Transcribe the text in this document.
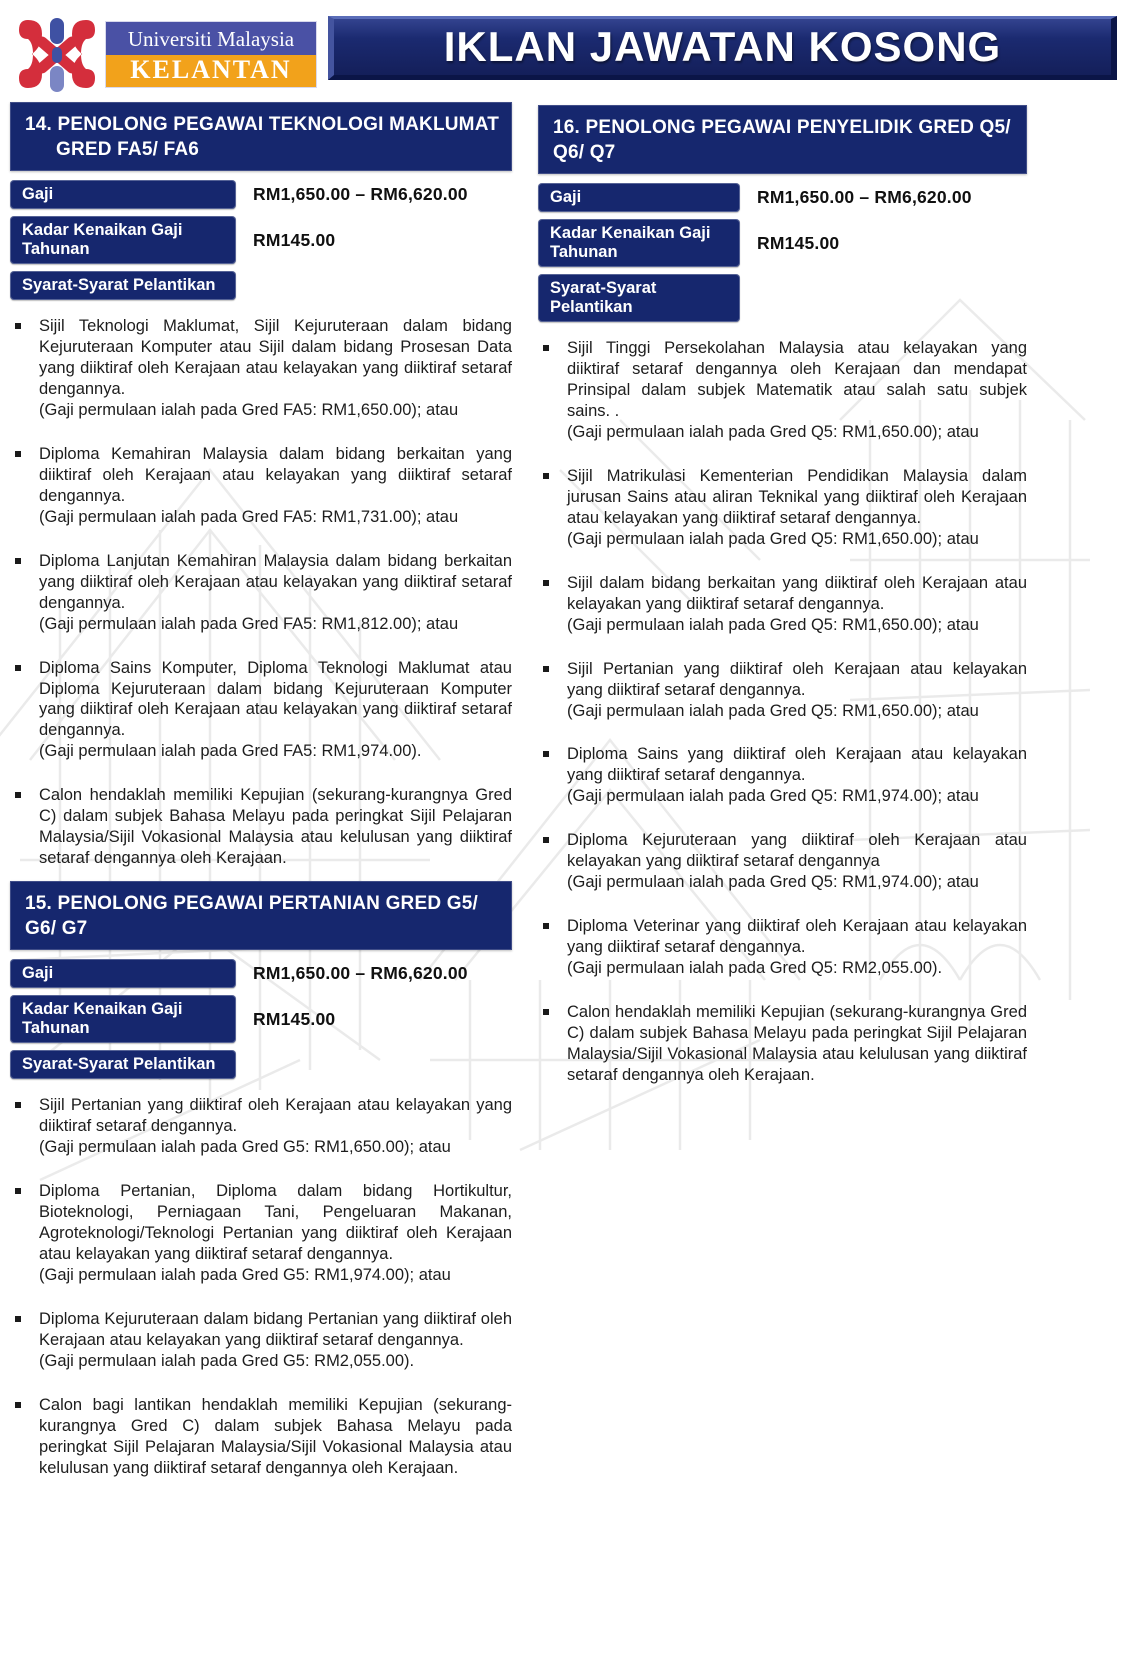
Universiti Malaysia
KELANTAN	IKLAN JAWATAN KOSONG
14. PENOLONG PEGAWAI TEKNOLOGI MAKLUMAT
GRED FA5/ FA6
Gaji	RM1,650.00 – RM6,620.00
Kadar Kenaikan Gaji Tahunan	RM145.00
Syarat-Syarat Pelantikan
Sijil Teknologi Maklumat, Sijil Kejuruteraan dalam bidang Kejuruteraan Komputer atau Sijil dalam bidang Prosesan Data yang diiktiraf oleh Kerajaan atau kelayakan yang diiktiraf setaraf dengannya.
(Gaji permulaan ialah pada Gred FA5: RM1,650.00); atau
Diploma Kemahiran Malaysia dalam bidang berkaitan yang diiktiraf oleh Kerajaan atau kelayakan yang diiktiraf setaraf dengannya.
(Gaji permulaan ialah pada Gred FA5: RM1,731.00); atau
Diploma Lanjutan Kemahiran Malaysia dalam bidang berkaitan yang diiktiraf oleh Kerajaan atau kelayakan yang diiktiraf setaraf dengannya.
(Gaji permulaan ialah pada Gred FA5: RM1,812.00); atau
Diploma Sains Komputer, Diploma Teknologi Maklumat atau Diploma Kejuruteraan dalam bidang Kejuruteraan Komputer yang diiktiraf oleh Kerajaan atau kelayakan yang diiktiraf setaraf dengannya.
(Gaji permulaan ialah pada Gred FA5: RM1,974.00).
Calon hendaklah memiliki Kepujian (sekurang-kurangnya Gred C) dalam subjek Bahasa Melayu pada peringkat Sijil Pelajaran Malaysia/Sijil Vokasional Malaysia atau kelulusan yang diiktiraf setaraf dengannya oleh Kerajaan.
15. PENOLONG PEGAWAI PERTANIAN GRED G5/ G6/ G7
Gaji	RM1,650.00 – RM6,620.00
Kadar Kenaikan Gaji Tahunan	RM145.00
Syarat-Syarat Pelantikan
Sijil Pertanian yang diiktiraf oleh Kerajaan atau kelayakan yang diiktiraf setaraf dengannya.
(Gaji permulaan ialah pada Gred G5: RM1,650.00); atau
Diploma Pertanian, Diploma dalam bidang Hortikultur, Bioteknologi, Perniagaan Tani, Pengeluaran Makanan, Agroteknologi/Teknologi Pertanian yang diiktiraf oleh Kerajaan atau kelayakan yang diiktiraf setaraf dengannya.
(Gaji permulaan ialah pada Gred G5: RM1,974.00); atau
Diploma Kejuruteraan dalam bidang Pertanian yang diiktiraf oleh Kerajaan atau kelayakan yang diiktiraf setaraf dengannya.
(Gaji permulaan ialah pada Gred G5: RM2,055.00).
Calon bagi lantikan hendaklah memiliki Kepujian (sekurang-kurangnya Gred C) dalam subjek Bahasa Melayu pada peringkat Sijil Pelajaran Malaysia/Sijil Vokasional Malaysia atau kelulusan yang diiktiraf setaraf dengannya oleh Kerajaan.
16. PENOLONG PEGAWAI PENYELIDIK GRED Q5/ Q6/ Q7
Gaji	RM1,650.00 – RM6,620.00
Kadar Kenaikan Gaji Tahunan	RM145.00
Syarat-Syarat Pelantikan
Sijil Tinggi Persekolahan Malaysia atau kelayakan yang diiktiraf setaraf dengannya oleh Kerajaan dan mendapat Prinsipal dalam subjek Matematik atau salah satu subjek sains. .
(Gaji permulaan ialah pada Gred Q5: RM1,650.00); atau
Sijil Matrikulasi Kementerian Pendidikan Malaysia dalam jurusan Sains atau aliran Teknikal yang diiktiraf oleh Kerajaan atau kelayakan yang diiktiraf setaraf dengannya.
(Gaji permulaan ialah pada Gred Q5: RM1,650.00); atau
Sijil dalam bidang berkaitan yang diiktiraf oleh Kerajaan atau kelayakan yang diiktiraf setaraf dengannya.
(Gaji permulaan ialah pada Gred Q5: RM1,650.00); atau
Sijil Pertanian yang diiktiraf oleh Kerajaan atau kelayakan yang diiktiraf setaraf dengannya.
(Gaji permulaan ialah pada Gred Q5: RM1,650.00); atau
Diploma Sains yang diiktiraf oleh Kerajaan atau kelayakan yang diiktiraf setaraf dengannya.
(Gaji permulaan ialah pada Gred Q5: RM1,974.00); atau
Diploma Kejuruteraan yang diiktiraf oleh Kerajaan atau kelayakan yang diiktiraf setaraf dengannya
(Gaji permulaan ialah pada Gred Q5: RM1,974.00); atau
Diploma Veterinar yang diiktiraf oleh Kerajaan atau kelayakan yang diiktiraf setaraf dengannya.
(Gaji permulaan ialah pada Gred Q5: RM2,055.00).
Calon hendaklah memiliki Kepujian (sekurang-kurangnya Gred C) dalam subjek Bahasa Melayu pada peringkat Sijil Pelajaran Malaysia/Sijil Vokasional Malaysia atau kelulusan yang diiktiraf setaraf dengannya oleh Kerajaan.
